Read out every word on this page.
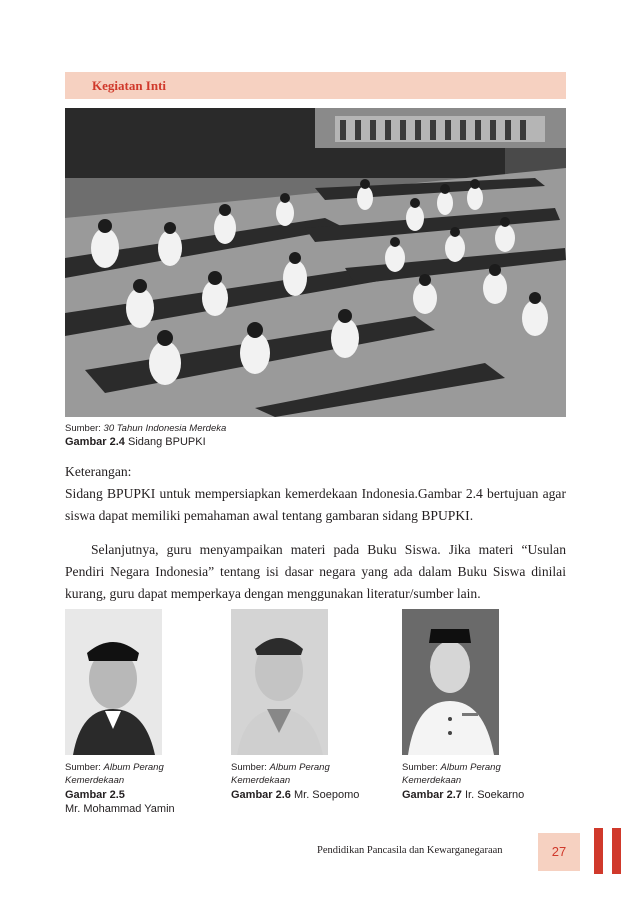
Kegiatan Inti
Sumber: 30 Tahun Indonesia Merdeka
Gambar 2.4 Sidang BPUPKI
Keterangan:
Sidang BPUPKI untuk mempersiapkan kemerdekaan Indonesia.Gambar 2.4 bertujuan agar siswa dapat memiliki pemahaman awal tentang gambaran sidang BPUPKI.
Selanjutnya, guru menyampaikan materi pada Buku Siswa. Jika materi “Usulan Pendiri Negara Indonesia” tentang isi dasar negara yang ada dalam Buku Siswa dinilai kurang, guru dapat memperkaya dengan menggunakan literatur/sumber lain.
Sumber: Album Perang
Kemerdekaan
Gambar 2.5
Mr. Mohammad Yamin
Sumber: Album Perang
Kemerdekaan
Gambar 2.6 Mr. Soepomo
Sumber: Album Perang
Kemerdekaan
Gambar 2.7 Ir. Soekarno
Pendidikan Pancasila dan Kewarganegaraan	27
